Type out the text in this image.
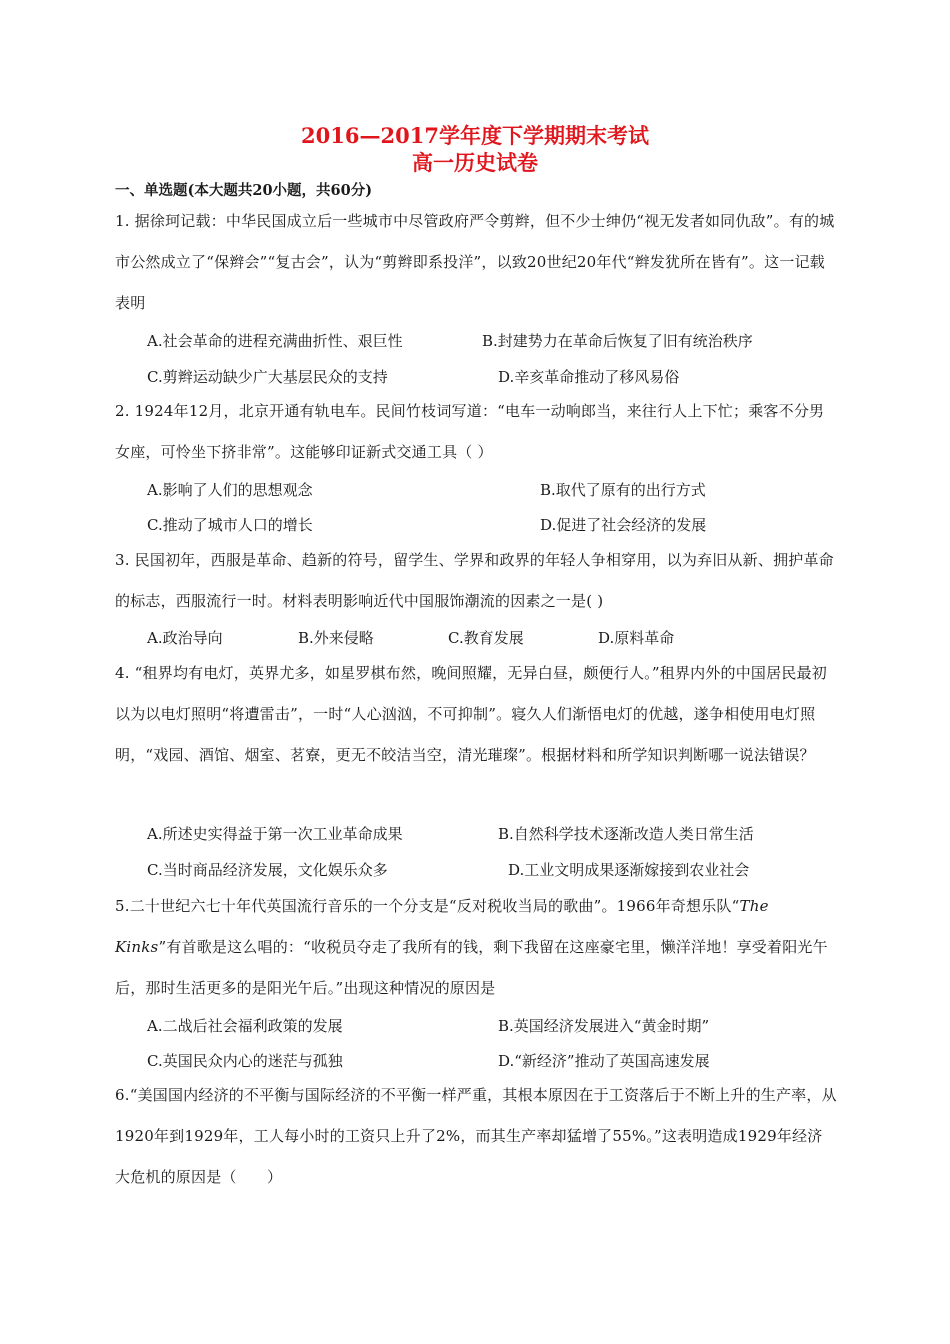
2016—2017学年度下学期期末考试
高一历史试卷
一、单选题(本大题共20小题，共60分)
1. 据徐珂记载：中华民国成立后一些城市中尽管政府严令剪辫，但不少士绅仍“视无发者如同仇敌”。有的城市公然成立了“保辫会”“复古会”，认为“剪辫即系投洋”，以致20世纪20年代“辫发犹所在皆有”。这一记载表明
A.社会革命的进程充满曲折性、艰巨性	B.封建势力在革命后恢复了旧有统治秩序
C.剪辫运动缺少广大基层民众的支持	D.辛亥革命推动了移风易俗
2. 1924年12月，北京开通有轨电车。民间竹枝词写道：“电车一动响郎当，来往行人上下忙；乘客不分男女座，可怜坐下挤非常”。这能够印证新式交通工具（ ）
A.影响了人们的思想观念	B.取代了原有的出行方式
C.推动了城市人口的增长	D.促进了社会经济的发展
3. 民国初年，西服是革命、趋新的符号，留学生、学界和政界的年轻人争相穿用，以为弃旧从新、拥护革命的标志，西服流行一时。材料表明影响近代中国服饰潮流的因素之一是( )
A.政治导向	B.外来侵略	C.教育发展	D.原料革命
4. “租界均有电灯，英界尤多，如星罗棋布然，晚间照耀，无异白昼，颇便行人。”租界内外的中国居民最初以为以电灯照明“将遭雷击”，一时“人心汹汹，不可抑制”。寝久人们渐悟电灯的优越，遂争相使用电灯照明，“戏园、酒馆、烟室、茗寮，更无不皎洁当空，清光璀璨”。根据材料和所学知识判断哪一说法错误？
A.所述史实得益于第一次工业革命成果	B.自然科学技术逐渐改造人类日常生活
C.当时商品经济发展，文化娱乐众多	D.工业文明成果逐渐嫁接到农业社会
5.二十世纪六七十年代英国流行音乐的一个分支是“反对税收当局的歌曲”。1966年奇想乐队“The Kinks”有首歌是这么唱的：“收税员夺走了我所有的钱，剩下我留在这座豪宅里，懒洋洋地！享受着阳光午后，那时生活更多的是阳光午后。”出现这种情况的原因是
A.二战后社会福利政策的发展	B.英国经济发展进入“黄金时期”
C.英国民众内心的迷茫与孤独	D.“新经济”推动了英国高速发展
6.“美国国内经济的不平衡与国际经济的不平衡一样严重，其根本原因在于工资落后于不断上升的生产率，从1920年到1929年，工人每小时的工资只上升了2%，而其生产率却猛增了55%。”这表明造成1929年经济大危机的原因是（　　）
